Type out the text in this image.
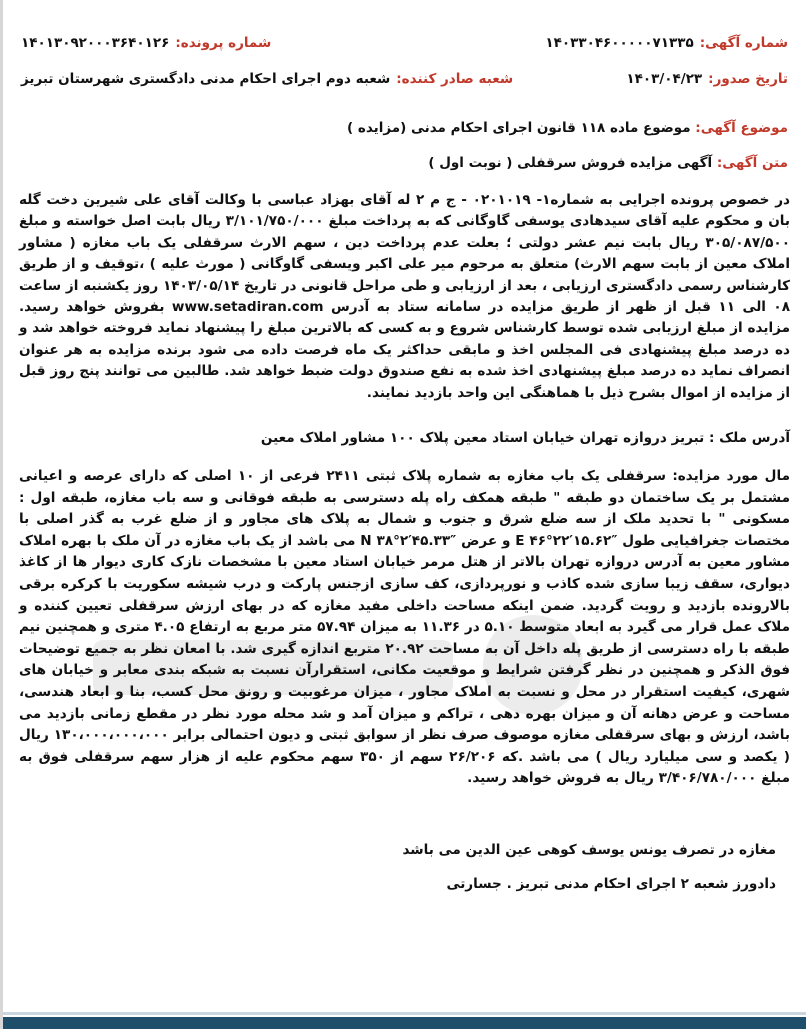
شماره آگهی:
۱۴۰۳۳۰۴۶۰۰۰۰۰۷۱۳۳۵
شماره پرونده:
۱۴۰۱۳۰۹۲۰۰۰۳۶۴۰۱۲۶
تاریخ صدور:
۱۴۰۳/۰۴/۲۳
شعبه صادر کننده:
شعبه دوم اجرای احکام مدنی دادگستری شهرستان تبریز
موضوع آگهی: موضوع ماده ۱۱۸ قانون اجرای احکام مدنی (مزایده )
متن آگهی: آگهی مزایده فروش سرقفلی ( نوبت اول )
در خصوص پرونده اجرایی به شماره۱- ۰۲۰۱۰۱۹ - ج م ۲ له آقای بهزاد عباسی با وکالت آقای علی شیرین دخت گله بان و محکوم علیه آقای سیدهادی یوسفی گاوگانی که به پرداخت مبلغ ۳/۱۰۱/۷۵۰/۰۰۰ ریال بابت اصل خواسته و مبلغ ۳۰۵/۰۸۷/۵۰۰ ریال بابت نیم عشر دولتی ؛ بعلت عدم پرداخت دین ، سهم الارث سرقفلی یک باب مغازه ( مشاور املاک معین از بابت سهم الارث) متعلق به مرحوم میر علی اکبر ویسفی گاوگانی ( مورث علیه ) ،توقیف و از طریق کارشناس رسمی دادگستری ارزیابی ، بعد از ارزیابی و طی مراحل قانونی در تاریخ ۱۴۰۳/۰۵/۱۴ روز یکشنبه از ساعت ۰۸ الی ۱۱ قبل از ظهر از طریق مزایده در سامانه ستاد به آدرس www.setadiran.com بفروش خواهد رسید. مزایده از مبلغ ارزیابی شده توسط کارشناس شروع و به کسی که بالاترین مبلغ را پیشنهاد نماید فروخته خواهد شد و ده درصد مبلغ پیشنهادی فی المجلس اخذ و مابقی حداکثر یک ماه فرصت داده می شود برنده مزایده به هر عنوان انصراف نماید ده درصد مبلغ پیشنهادی اخذ شده به نفع صندوق دولت ضبط خواهد شد. طالبین می توانند پنج روز قبل از مزایده از اموال بشرح ذیل با هماهنگی این واحد بازدید نمایند.
آدرس ملک : تبریز دروازه تهران خیابان استاد معین پلاک ۱۰۰ مشاور املاک معین
مال مورد مزایده: سرقفلی یک باب مغازه به شماره پلاک ثبتی ۲۴۱۱ فرعی از ۱۰ اصلی که دارای عرصه و اعیانی مشتمل بر یک ساختمان دو طبقه " طبقه همکف راه پله دسترسی به طبقه فوقانی و سه باب مغازه، طبقه اول : مسکونی " با تحدید ملک از سه ضلع شرق و جنوب و شمال به پلاک های مجاور و از ضلع غرب به گذر اصلی با مختصات جغرافیایی طول E ۴۶°۲۲′۱۵.۶۲″ و عرض N ۳۸°۲′۴۵.۳۳″ می باشد از یک باب مغازه در آن ملک با بهره املاک مشاور معین به آدرس دروازه تهران بالاتر از هتل مرمر خیابان استاد معین با مشخصات نازک کاری دیوار ها از کاغذ دیواری، سقف زیبا سازی شده کاذب و نورپردازی، کف سازی ازجنس پارکت و درب شیشه سکوریت با کرکره برقی بالارونده بازدید و رویت گردید. ضمن اینکه مساحت داخلی مفید مغازه که در بهای ارزش سرقفلی تعیین کننده و ملاک عمل قرار می گیرد به ابعاد متوسط ۵.۱۰ در ۱۱.۳۶ به میزان ۵۷.۹۴ متر مربع به ارتفاع ۴.۰۵ متری و همچنین نیم طبقه با راه دسترسی از طریق پله داخل آن به مساحت ۲۰.۹۲ متربع اندازه گیری شد. با امعان نظر به جمیع توضیحات فوق الذکر و همچنین در نظر گرفتن شرایط و موقعیت مکانی، استقرارآن نسبت به شبکه بندی معابر و خیابان های شهری، کیفیت استقرار در محل و نسبت به املاک مجاور ، میزان مرغوبیت و رونق محل کسب، بنا و ابعاد هندسی، مساحت و عرض دهانه آن و میزان بهره دهی ، تراکم و میزان آمد و شد محله مورد نظر در مقطع زمانی بازدید می باشد، ارزش و بهای سرقفلی مغازه موصوف صرف نظر از سوابق ثبتی و دیون احتمالی برابر ۱۳۰،۰۰۰،۰۰۰،۰۰۰ ریال ( یکصد و سی میلیارد ریال ) می باشد .که ۲۶/۲۰۶ سهم از ۳۵۰ سهم محکوم علیه از هزار سهم سرقفلی فوق به مبلغ ۳/۴۰۶/۷۸۰/۰۰۰ ریال به فروش خواهد رسید.
مغازه در تصرف یونس یوسف کوهی عین الدین می باشد
دادورز شعبه ۲ اجرای احکام مدنی تبریز . جسارتی
